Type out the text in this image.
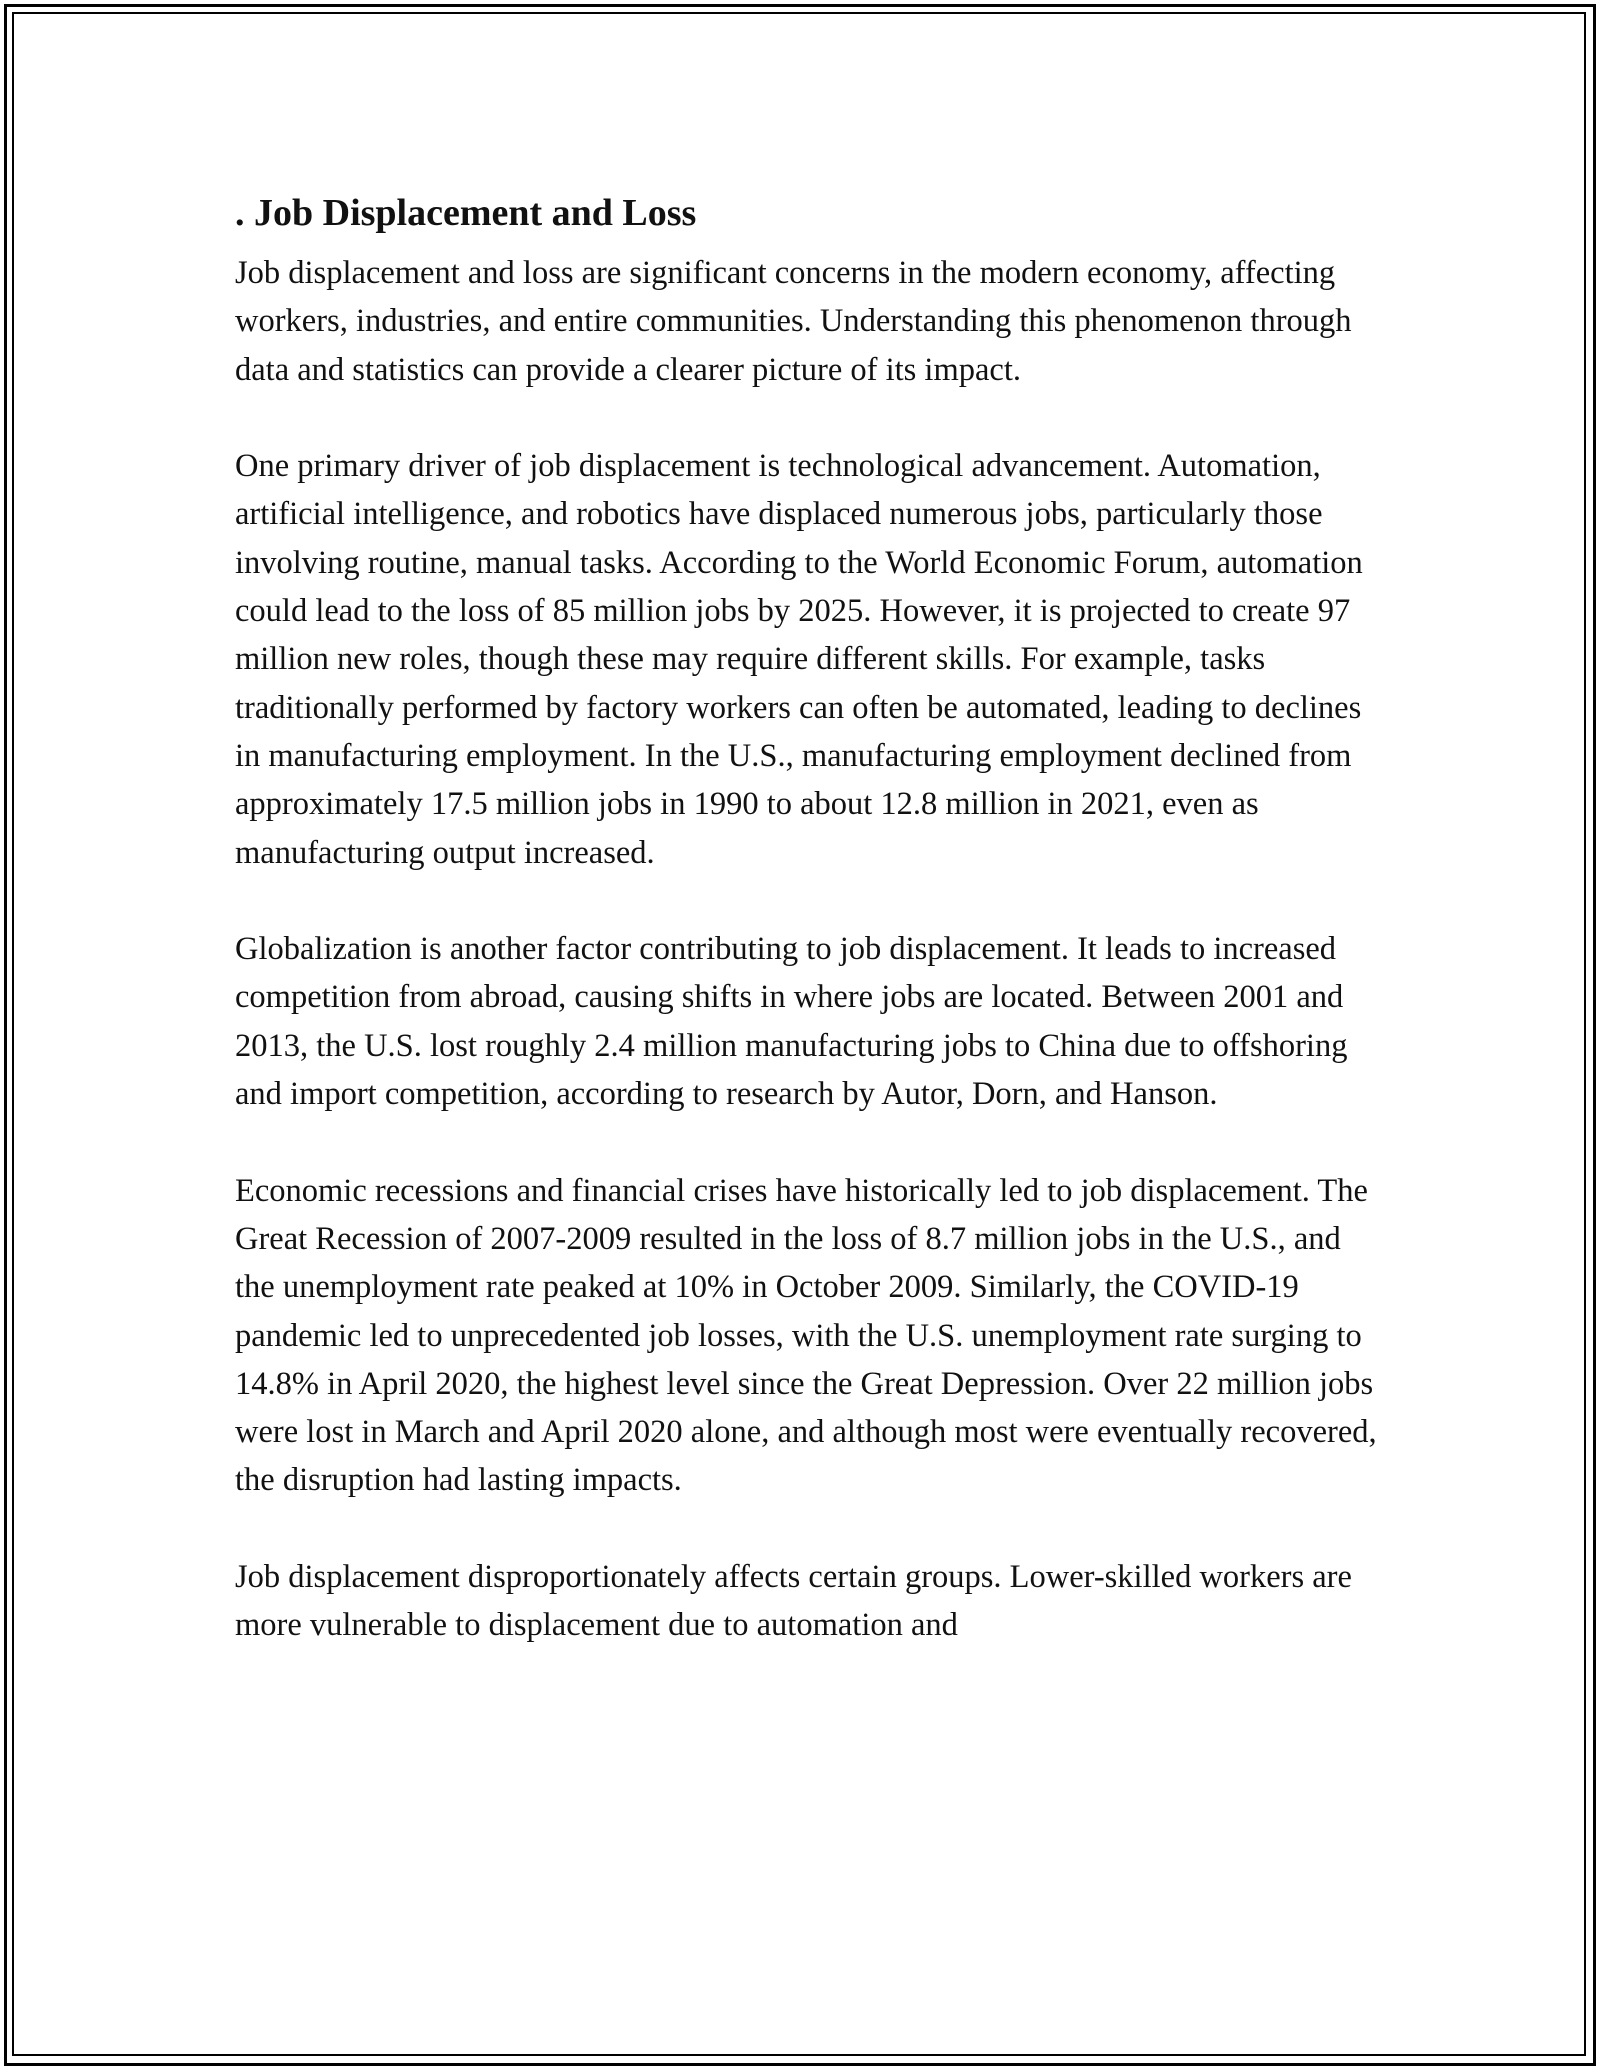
. Job Displacement and Loss

Job displacement and loss are significant concerns in the modern economy, affecting workers, industries, and entire communities. Understanding this phenomenon through data and statistics can provide a clearer picture of its impact.

One primary driver of job displacement is technological advancement. Automation, artificial intelligence, and robotics have displaced numerous jobs, particularly those involving routine, manual tasks. According to the World Economic Forum, automation could lead to the loss of 85 million jobs by 2025. However, it is projected to create 97 million new roles, though these may require different skills. For example, tasks traditionally performed by factory workers can often be automated, leading to declines in manufacturing employment. In the U.S., manufacturing employment declined from approximately 17.5 million jobs in 1990 to about 12.8 million in 2021, even as manufacturing output increased.

Globalization is another factor contributing to job displacement. It leads to increased competition from abroad, causing shifts in where jobs are located. Between 2001 and 2013, the U.S. lost roughly 2.4 million manufacturing jobs to China due to offshoring and import competition, according to research by Autor, Dorn, and Hanson.

Economic recessions and financial crises have historically led to job displacement. The Great Recession of 2007-2009 resulted in the loss of 8.7 million jobs in the U.S., and the unemployment rate peaked at 10% in October 2009. Similarly, the COVID-19 pandemic led to unprecedented job losses, with the U.S. unemployment rate surging to 14.8% in April 2020, the highest level since the Great Depression. Over 22 million jobs were lost in March and April 2020 alone, and although most were eventually recovered, the disruption had lasting impacts.

Job displacement disproportionately affects certain groups. Lower-skilled workers are more vulnerable to displacement due to automation and
